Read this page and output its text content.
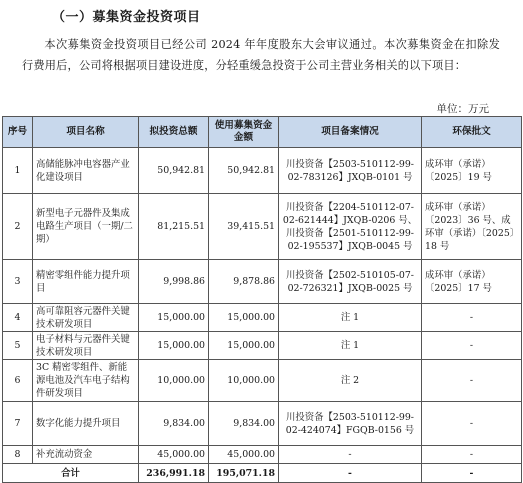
（一）募集资金投资项目
本次募集资金投资项目已经公司 2024 年年度股东大会审议通过。本次募集资金在扣除发行费用后，公司将根据项目建设进度，分轻重缓急投资于公司主营业务相关的以下项目：
单位：万元
序号	项目名称	拟投资总额	使用募集资金金额	项目备案情况	环保批文
1	高储能脉冲电容器产业化建设项目	50,942.81	50,942.81	川投资备【2503-510112-99-02-783126】JXQB-0101 号	成环审（承诺）〔2025〕19 号
2	新型电子元器件及集成电路生产项目（一期/二期）	81,215.51	39,415.51	川投资备【2204-510112-07-02-621444】JXQB-0206 号、川投资备【2501-510112-99-02-195537】JXQB-0045 号	成环审（承诺）〔2023〕36 号、成环审（承诺）〔2025〕18 号
3	精密零组件能力提升项目	9,998.86	9,878.86	川投资备【2502-510105-07-02-726321】JXQB-0025 号	成环审（承诺）〔2025〕17 号
4	高可靠阻容元器件关键技术研发项目	15,000.00	15,000.00	注 1	-
5	电子材料与元器件关键技术研发项目	15,000.00	15,000.00	注 1	-
6	3C 精密零组件、新能源电池及汽车电子结构件研发项目	10,000.00	10,000.00	注 2	-
7	数字化能力提升项目	9,834.00	9,834.00	川投资备【2503-510112-99-02-424074】FGQB-0156 号	-
8	补充流动资金	45,000.00	45,000.00	-	-
合计		236,991.18	195,071.18	-	-
